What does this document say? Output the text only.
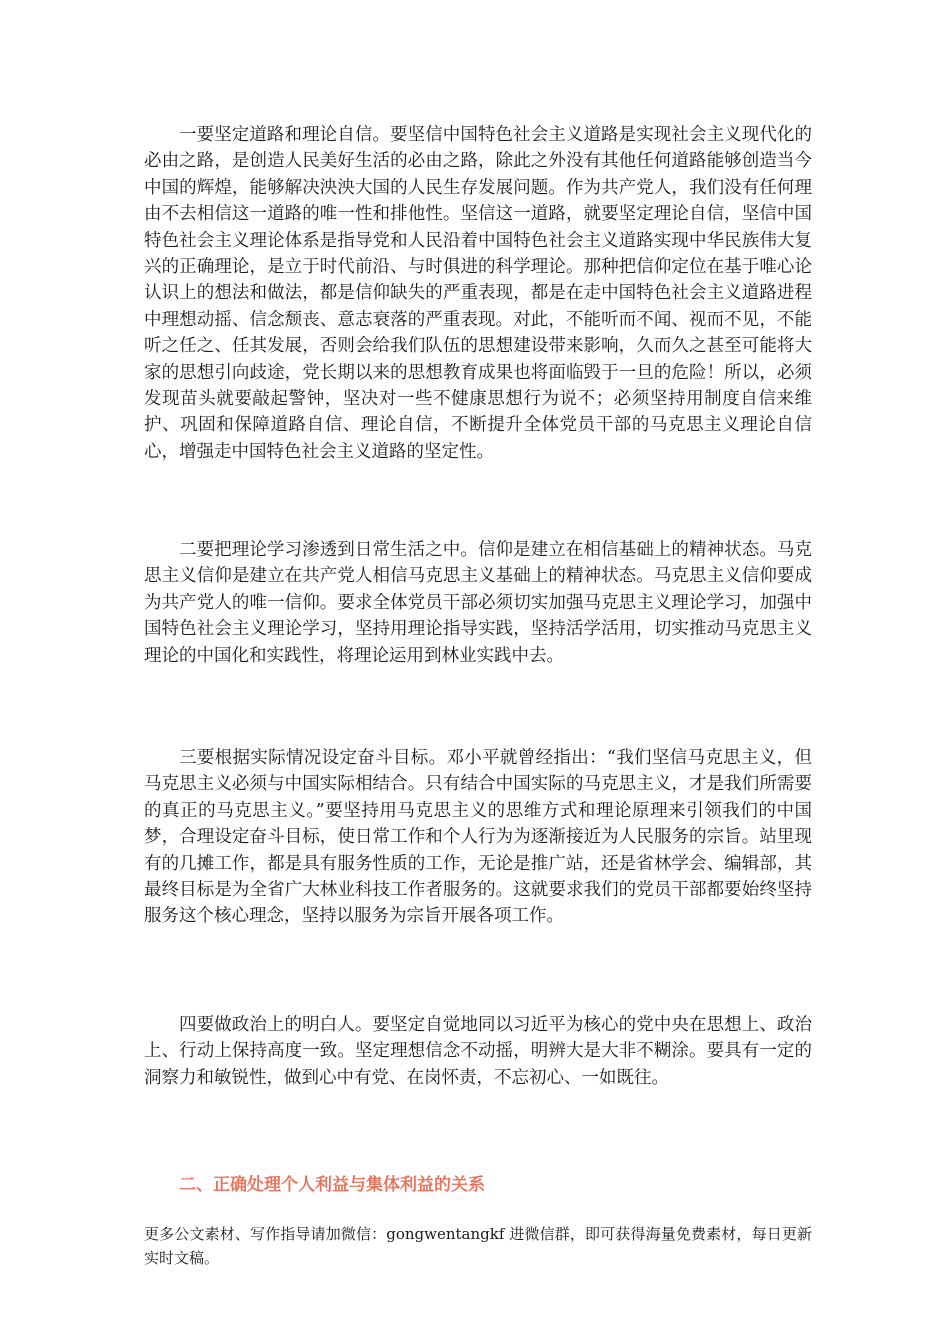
一要坚定道路和理论自信。要坚信中国特色社会主义道路是实现社会主义现代化的必由之路，是创造人民美好生活的必由之路，除此之外没有其他任何道路能够创造当今中国的辉煌，能够解决泱泱大国的人民生存发展问题。作为共产党人，我们没有任何理由不去相信这一道路的唯一性和排他性。坚信这一道路，就要坚定理论自信，坚信中国特色社会主义理论体系是指导党和人民沿着中国特色社会主义道路实现中华民族伟大复兴的正确理论，是立于时代前沿、与时俱进的科学理论。那种把信仰定位在基于唯心论认识上的想法和做法，都是信仰缺失的严重表现，都是在走中国特色社会主义道路进程中理想动摇、信念颓丧、意志衰落的严重表现。对此，不能听而不闻、视而不见，不能听之任之、任其发展，否则会给我们队伍的思想建设带来影响，久而久之甚至可能将大家的思想引向歧途，党长期以来的思想教育成果也将面临毁于一旦的危险！所以，必须发现苗头就要敲起警钟，坚决对一些不健康思想行为说不；必须坚持用制度自信来维护、巩固和保障道路自信、理论自信，不断提升全体党员干部的马克思主义理论自信心，增强走中国特色社会主义道路的坚定性。

二要把理论学习渗透到日常生活之中。信仰是建立在相信基础上的精神状态。马克思主义信仰是建立在共产党人相信马克思主义基础上的精神状态。马克思主义信仰要成为共产党人的唯一信仰。要求全体党员干部必须切实加强马克思主义理论学习，加强中国特色社会主义理论学习，坚持用理论指导实践，坚持活学活用，切实推动马克思主义理论的中国化和实践性，将理论运用到林业实践中去。

三要根据实际情况设定奋斗目标。邓小平就曾经指出：“我们坚信马克思主义，但马克思主义必须与中国实际相结合。只有结合中国实际的马克思主义，才是我们所需要的真正的马克思主义。”要坚持用马克思主义的思维方式和理论原理来引领我们的中国梦，合理设定奋斗目标，使日常工作和个人行为为逐渐接近为人民服务的宗旨。站里现有的几摊工作，都是具有服务性质的工作，无论是推广站，还是省林学会、编辑部，其最终目标是为全省广大林业科技工作者服务的。这就要求我们的党员干部都要始终坚持服务这个核心理念，坚持以服务为宗旨开展各项工作。

四要做政治上的明白人。要坚定自觉地同以习近平为核心的党中央在思想上、政治上、行动上保持高度一致。坚定理想信念不动摇，明辨大是大非不糊涂。要具有一定的洞察力和敏锐性，做到心中有党、在岗怀责，不忘初心、一如既往。

二、正确处理个人利益与集体利益的关系

更多公文素材、写作指导请加微信：gongwentangkf 进微信群，即可获得海量免费素材，每日更新实时文稿。
